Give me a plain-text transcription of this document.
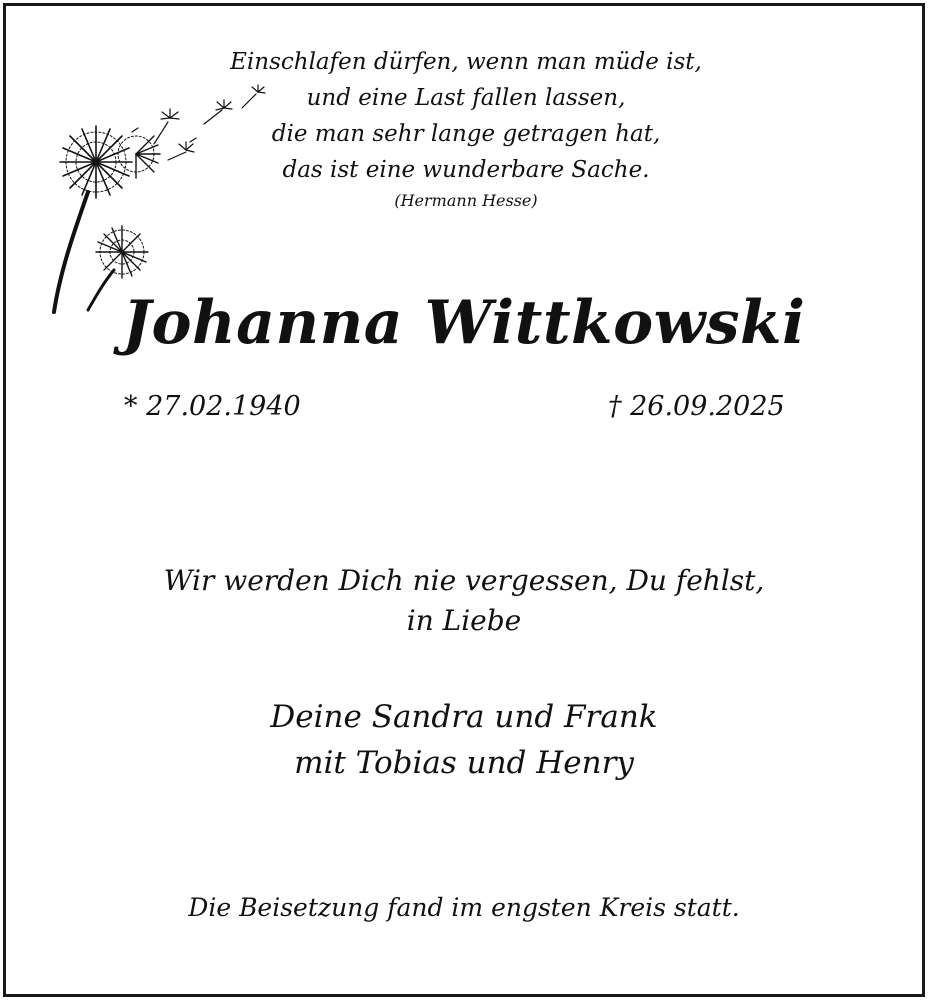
Einschlafen dürfen, wenn man müde ist,
und eine Last fallen lassen,
die man sehr lange getragen hat,
das ist eine wunderbare Sache.
(Hermann Hesse)
Johanna Wittkowski
* 27.02.1940	† 26.09.2025
Wir werden Dich nie vergessen, Du fehlst,
in Liebe
Deine Sandra und Frank
mit Tobias und Henry
Die Beisetzung fand im engsten Kreis statt.
